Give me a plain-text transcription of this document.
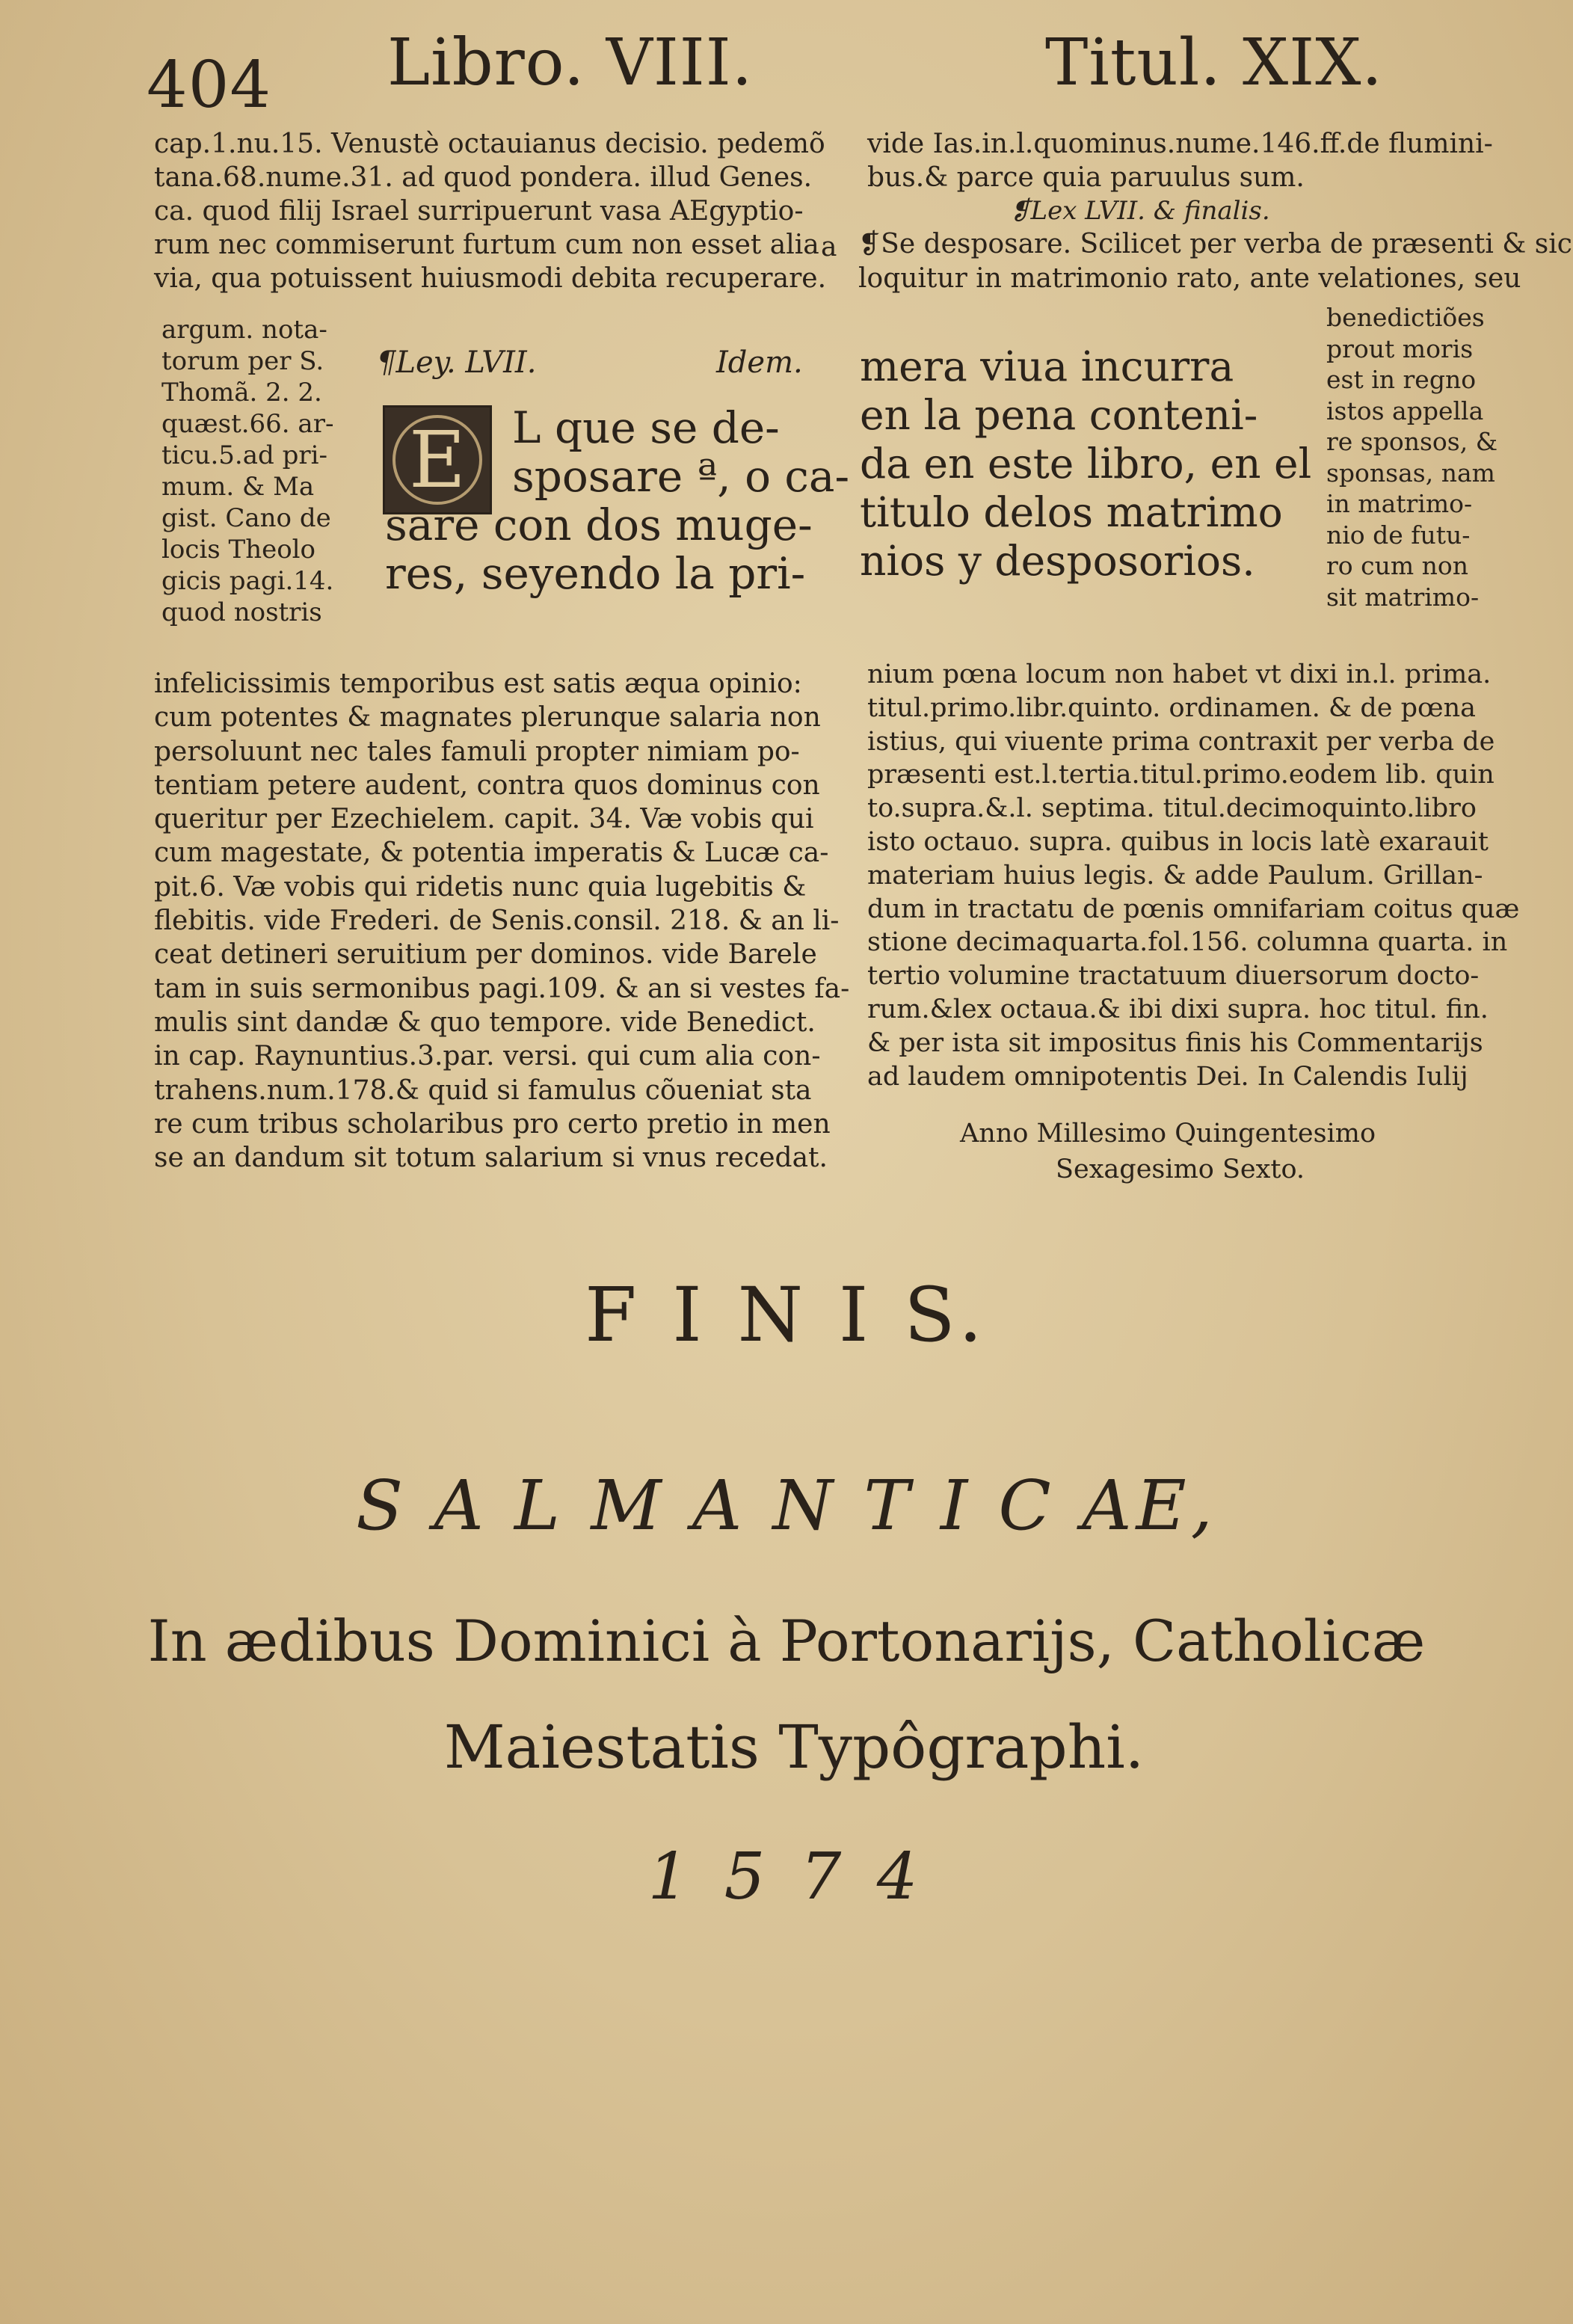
404 Libro. VIII.	Titul. XIX.
cap.1.nu.15. Venustè octauianus decisio. pedemõ
tana.68.nume.31. ad quod pondera. illud Genes.
ca. quod filij Israel surripuerunt vasa AEgyptio-
rum nec commiserunt furtum cum non esset alia
via, qua potuissent huiusmodi debita recuperare.
a
argum. nota-
torum per S.
Thomã. 2. 2.
quæst.66. ar-
ticu.5.ad pri-
mum. & Ma
gist. Cano de
locis Theolo
gicis pagi.14.
quod nostris
¶Ley. LVII.	Idem.
E	L que se de-
sposare ª, o ca-
sare con dos muge-
res, seyendo la pri-
infelicissimis temporibus est satis æqua opinio:
cum potentes & magnates plerunque salaria non
persoluunt nec tales famuli propter nimiam po-
tentiam petere audent, contra quos dominus con
queritur per Ezechielem. capit. 34. Væ vobis qui
cum magestate, & potentia imperatis & Lucæ ca-
pit.6. Væ vobis qui ridetis nunc quia lugebitis &
flebitis. vide Frederi. de Senis.consil. 218. & an li-
ceat detineri seruitium per dominos. vide Barele
tam in suis sermonibus pagi.109. & an si vestes fa-
mulis sint dandæ & quo tempore. vide Benedict.
in cap. Raynuntius.3.par. versi. qui cum alia con-
trahens.num.178.& quid si famulus cõueniat sta
re cum tribus scholaribus pro certo pretio in men
se an dandum sit totum salarium si vnus recedat.
vide Ias.in.l.quominus.nume.146.ff.de flumini-
bus.& parce quia paruulus sum.
❡Lex LVII. & finalis.
❡Se desposare. Scilicet per verba de præsenti & sic
loquitur in matrimonio rato, ante velationes, seu
benedictiões
prout moris
est in regno
istos appella
re sponsos, &
sponsas, nam
in matrimo-
nio de futu-
ro cum non
sit matrimo-
mera viua incurra
en la pena conteni-
da en este libro, en el
titulo delos matrimo
nios y desposorios.
nium pœna locum non habet vt dixi in.l. prima.
titul.primo.libr.quinto. ordinamen. & de pœna
istius, qui viuente prima contraxit per verba de
præsenti est.l.tertia.titul.primo.eodem lib. quin
to.supra.&.l. septima. titul.decimoquinto.libro
isto octauo. supra. quibus in locis latè exarauit
materiam huius legis. & adde Paulum. Grillan-
dum in tractatu de pœnis omnifariam coitus quæ
stione decimaquarta.fol.156. columna quarta. in
tertio volumine tractatuum diuersorum docto-
rum.&lex octaua.& ibi dixi supra. hoc titul. fin.
& per ista sit impositus finis his Commentarijs
ad laudem omnipotentis Dei. In Calendis Iulij
Anno Millesimo Quingentesimo
Sexagesimo Sexto.
F I N I S.
S A L M A N T I C AE,
In ædibus Dominici à Portonarijs, Catholicæ
Maiestatis Typôgraphi.
1 5 7 4
